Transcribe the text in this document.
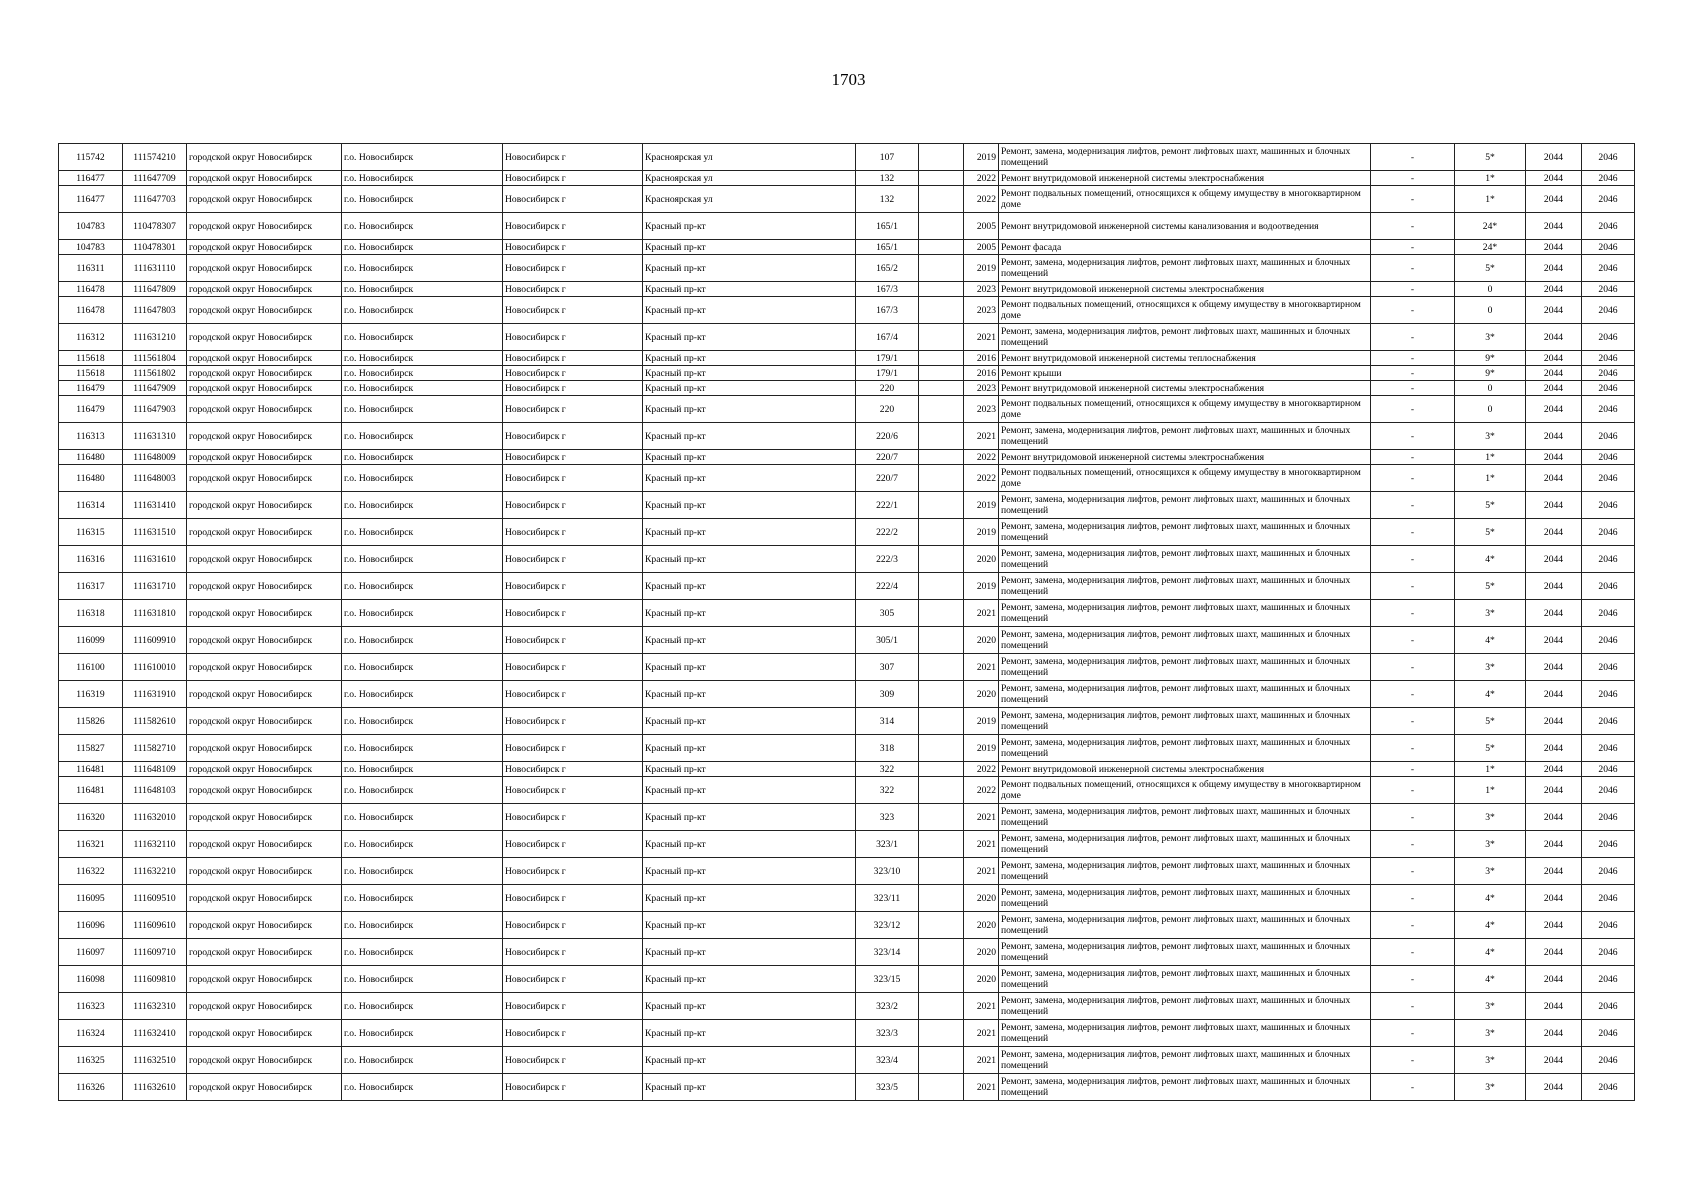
1703
115742	111574210	городской округ Новосибирск	г.о. Новосибирск	Новосибирск г	Красноярская ул	107		2019	Ремонт, замена, модернизация лифтов, ремонт лифтовых шахт, машинных и блочных помещений	-	5*	2044	2046
116477	111647709	городской округ Новосибирск	г.о. Новосибирск	Новосибирск г	Красноярская ул	132		2022	Ремонт внутридомовой инженерной системы электроснабжения	-	1*	2044	2046
116477	111647703	городской округ Новосибирск	г.о. Новосибирск	Новосибирск г	Красноярская ул	132		2022	Ремонт подвальных помещений, относящихся к общему имуществу в многоквартирном доме	-	1*	2044	2046
104783	110478307	городской округ Новосибирск	г.о. Новосибирск	Новосибирск г	Красный пр-кт	165/1		2005	Ремонт внутридомовой инженерной системы канализования и водоотведения	-	24*	2044	2046
104783	110478301	городской округ Новосибирск	г.о. Новосибирск	Новосибирск г	Красный пр-кт	165/1		2005	Ремонт фасада	-	24*	2044	2046
116311	111631110	городской округ Новосибирск	г.о. Новосибирск	Новосибирск г	Красный пр-кт	165/2		2019	Ремонт, замена, модернизация лифтов, ремонт лифтовых шахт, машинных и блочных помещений	-	5*	2044	2046
116478	111647809	городской округ Новосибирск	г.о. Новосибирск	Новосибирск г	Красный пр-кт	167/3		2023	Ремонт внутридомовой инженерной системы электроснабжения	-	0	2044	2046
116478	111647803	городской округ Новосибирск	г.о. Новосибирск	Новосибирск г	Красный пр-кт	167/3		2023	Ремонт подвальных помещений, относящихся к общему имуществу в многоквартирном доме	-	0	2044	2046
116312	111631210	городской округ Новосибирск	г.о. Новосибирск	Новосибирск г	Красный пр-кт	167/4		2021	Ремонт, замена, модернизация лифтов, ремонт лифтовых шахт, машинных и блочных помещений	-	3*	2044	2046
115618	111561804	городской округ Новосибирск	г.о. Новосибирск	Новосибирск г	Красный пр-кт	179/1		2016	Ремонт внутридомовой инженерной системы теплоснабжения	-	9*	2044	2046
115618	111561802	городской округ Новосибирск	г.о. Новосибирск	Новосибирск г	Красный пр-кт	179/1		2016	Ремонт крыши	-	9*	2044	2046
116479	111647909	городской округ Новосибирск	г.о. Новосибирск	Новосибирск г	Красный пр-кт	220		2023	Ремонт внутридомовой инженерной системы электроснабжения	-	0	2044	2046
116479	111647903	городской округ Новосибирск	г.о. Новосибирск	Новосибирск г	Красный пр-кт	220		2023	Ремонт подвальных помещений, относящихся к общему имуществу в многоквартирном доме	-	0	2044	2046
116313	111631310	городской округ Новосибирск	г.о. Новосибирск	Новосибирск г	Красный пр-кт	220/6		2021	Ремонт, замена, модернизация лифтов, ремонт лифтовых шахт, машинных и блочных помещений	-	3*	2044	2046
116480	111648009	городской округ Новосибирск	г.о. Новосибирск	Новосибирск г	Красный пр-кт	220/7		2022	Ремонт внутридомовой инженерной системы электроснабжения	-	1*	2044	2046
116480	111648003	городской округ Новосибирск	г.о. Новосибирск	Новосибирск г	Красный пр-кт	220/7		2022	Ремонт подвальных помещений, относящихся к общему имуществу в многоквартирном доме	-	1*	2044	2046
116314	111631410	городской округ Новосибирск	г.о. Новосибирск	Новосибирск г	Красный пр-кт	222/1		2019	Ремонт, замена, модернизация лифтов, ремонт лифтовых шахт, машинных и блочных помещений	-	5*	2044	2046
116315	111631510	городской округ Новосибирск	г.о. Новосибирск	Новосибирск г	Красный пр-кт	222/2		2019	Ремонт, замена, модернизация лифтов, ремонт лифтовых шахт, машинных и блочных помещений	-	5*	2044	2046
116316	111631610	городской округ Новосибирск	г.о. Новосибирск	Новосибирск г	Красный пр-кт	222/3		2020	Ремонт, замена, модернизация лифтов, ремонт лифтовых шахт, машинных и блочных помещений	-	4*	2044	2046
116317	111631710	городской округ Новосибирск	г.о. Новосибирск	Новосибирск г	Красный пр-кт	222/4		2019	Ремонт, замена, модернизация лифтов, ремонт лифтовых шахт, машинных и блочных помещений	-	5*	2044	2046
116318	111631810	городской округ Новосибирск	г.о. Новосибирск	Новосибирск г	Красный пр-кт	305		2021	Ремонт, замена, модернизация лифтов, ремонт лифтовых шахт, машинных и блочных помещений	-	3*	2044	2046
116099	111609910	городской округ Новосибирск	г.о. Новосибирск	Новосибирск г	Красный пр-кт	305/1		2020	Ремонт, замена, модернизация лифтов, ремонт лифтовых шахт, машинных и блочных помещений	-	4*	2044	2046
116100	111610010	городской округ Новосибирск	г.о. Новосибирск	Новосибирск г	Красный пр-кт	307		2021	Ремонт, замена, модернизация лифтов, ремонт лифтовых шахт, машинных и блочных помещений	-	3*	2044	2046
116319	111631910	городской округ Новосибирск	г.о. Новосибирск	Новосибирск г	Красный пр-кт	309		2020	Ремонт, замена, модернизация лифтов, ремонт лифтовых шахт, машинных и блочных помещений	-	4*	2044	2046
115826	111582610	городской округ Новосибирск	г.о. Новосибирск	Новосибирск г	Красный пр-кт	314		2019	Ремонт, замена, модернизация лифтов, ремонт лифтовых шахт, машинных и блочных помещений	-	5*	2044	2046
115827	111582710	городской округ Новосибирск	г.о. Новосибирск	Новосибирск г	Красный пр-кт	318		2019	Ремонт, замена, модернизация лифтов, ремонт лифтовых шахт, машинных и блочных помещений	-	5*	2044	2046
116481	111648109	городской округ Новосибирск	г.о. Новосибирск	Новосибирск г	Красный пр-кт	322		2022	Ремонт внутридомовой инженерной системы электроснабжения	-	1*	2044	2046
116481	111648103	городской округ Новосибирск	г.о. Новосибирск	Новосибирск г	Красный пр-кт	322		2022	Ремонт подвальных помещений, относящихся к общему имуществу в многоквартирном доме	-	1*	2044	2046
116320	111632010	городской округ Новосибирск	г.о. Новосибирск	Новосибирск г	Красный пр-кт	323		2021	Ремонт, замена, модернизация лифтов, ремонт лифтовых шахт, машинных и блочных помещений	-	3*	2044	2046
116321	111632110	городской округ Новосибирск	г.о. Новосибирск	Новосибирск г	Красный пр-кт	323/1		2021	Ремонт, замена, модернизация лифтов, ремонт лифтовых шахт, машинных и блочных помещений	-	3*	2044	2046
116322	111632210	городской округ Новосибирск	г.о. Новосибирск	Новосибирск г	Красный пр-кт	323/10		2021	Ремонт, замена, модернизация лифтов, ремонт лифтовых шахт, машинных и блочных помещений	-	3*	2044	2046
116095	111609510	городской округ Новосибирск	г.о. Новосибирск	Новосибирск г	Красный пр-кт	323/11		2020	Ремонт, замена, модернизация лифтов, ремонт лифтовых шахт, машинных и блочных помещений	-	4*	2044	2046
116096	111609610	городской округ Новосибирск	г.о. Новосибирск	Новосибирск г	Красный пр-кт	323/12		2020	Ремонт, замена, модернизация лифтов, ремонт лифтовых шахт, машинных и блочных помещений	-	4*	2044	2046
116097	111609710	городской округ Новосибирск	г.о. Новосибирск	Новосибирск г	Красный пр-кт	323/14		2020	Ремонт, замена, модернизация лифтов, ремонт лифтовых шахт, машинных и блочных помещений	-	4*	2044	2046
116098	111609810	городской округ Новосибирск	г.о. Новосибирск	Новосибирск г	Красный пр-кт	323/15		2020	Ремонт, замена, модернизация лифтов, ремонт лифтовых шахт, машинных и блочных помещений	-	4*	2044	2046
116323	111632310	городской округ Новосибирск	г.о. Новосибирск	Новосибирск г	Красный пр-кт	323/2		2021	Ремонт, замена, модернизация лифтов, ремонт лифтовых шахт, машинных и блочных помещений	-	3*	2044	2046
116324	111632410	городской округ Новосибирск	г.о. Новосибирск	Новосибирск г	Красный пр-кт	323/3		2021	Ремонт, замена, модернизация лифтов, ремонт лифтовых шахт, машинных и блочных помещений	-	3*	2044	2046
116325	111632510	городской округ Новосибирск	г.о. Новосибирск	Новосибирск г	Красный пр-кт	323/4		2021	Ремонт, замена, модернизация лифтов, ремонт лифтовых шахт, машинных и блочных помещений	-	3*	2044	2046
116326	111632610	городской округ Новосибирск	г.о. Новосибирск	Новосибирск г	Красный пр-кт	323/5		2021	Ремонт, замена, модернизация лифтов, ремонт лифтовых шахт, машинных и блочных помещений	-	3*	2044	2046
